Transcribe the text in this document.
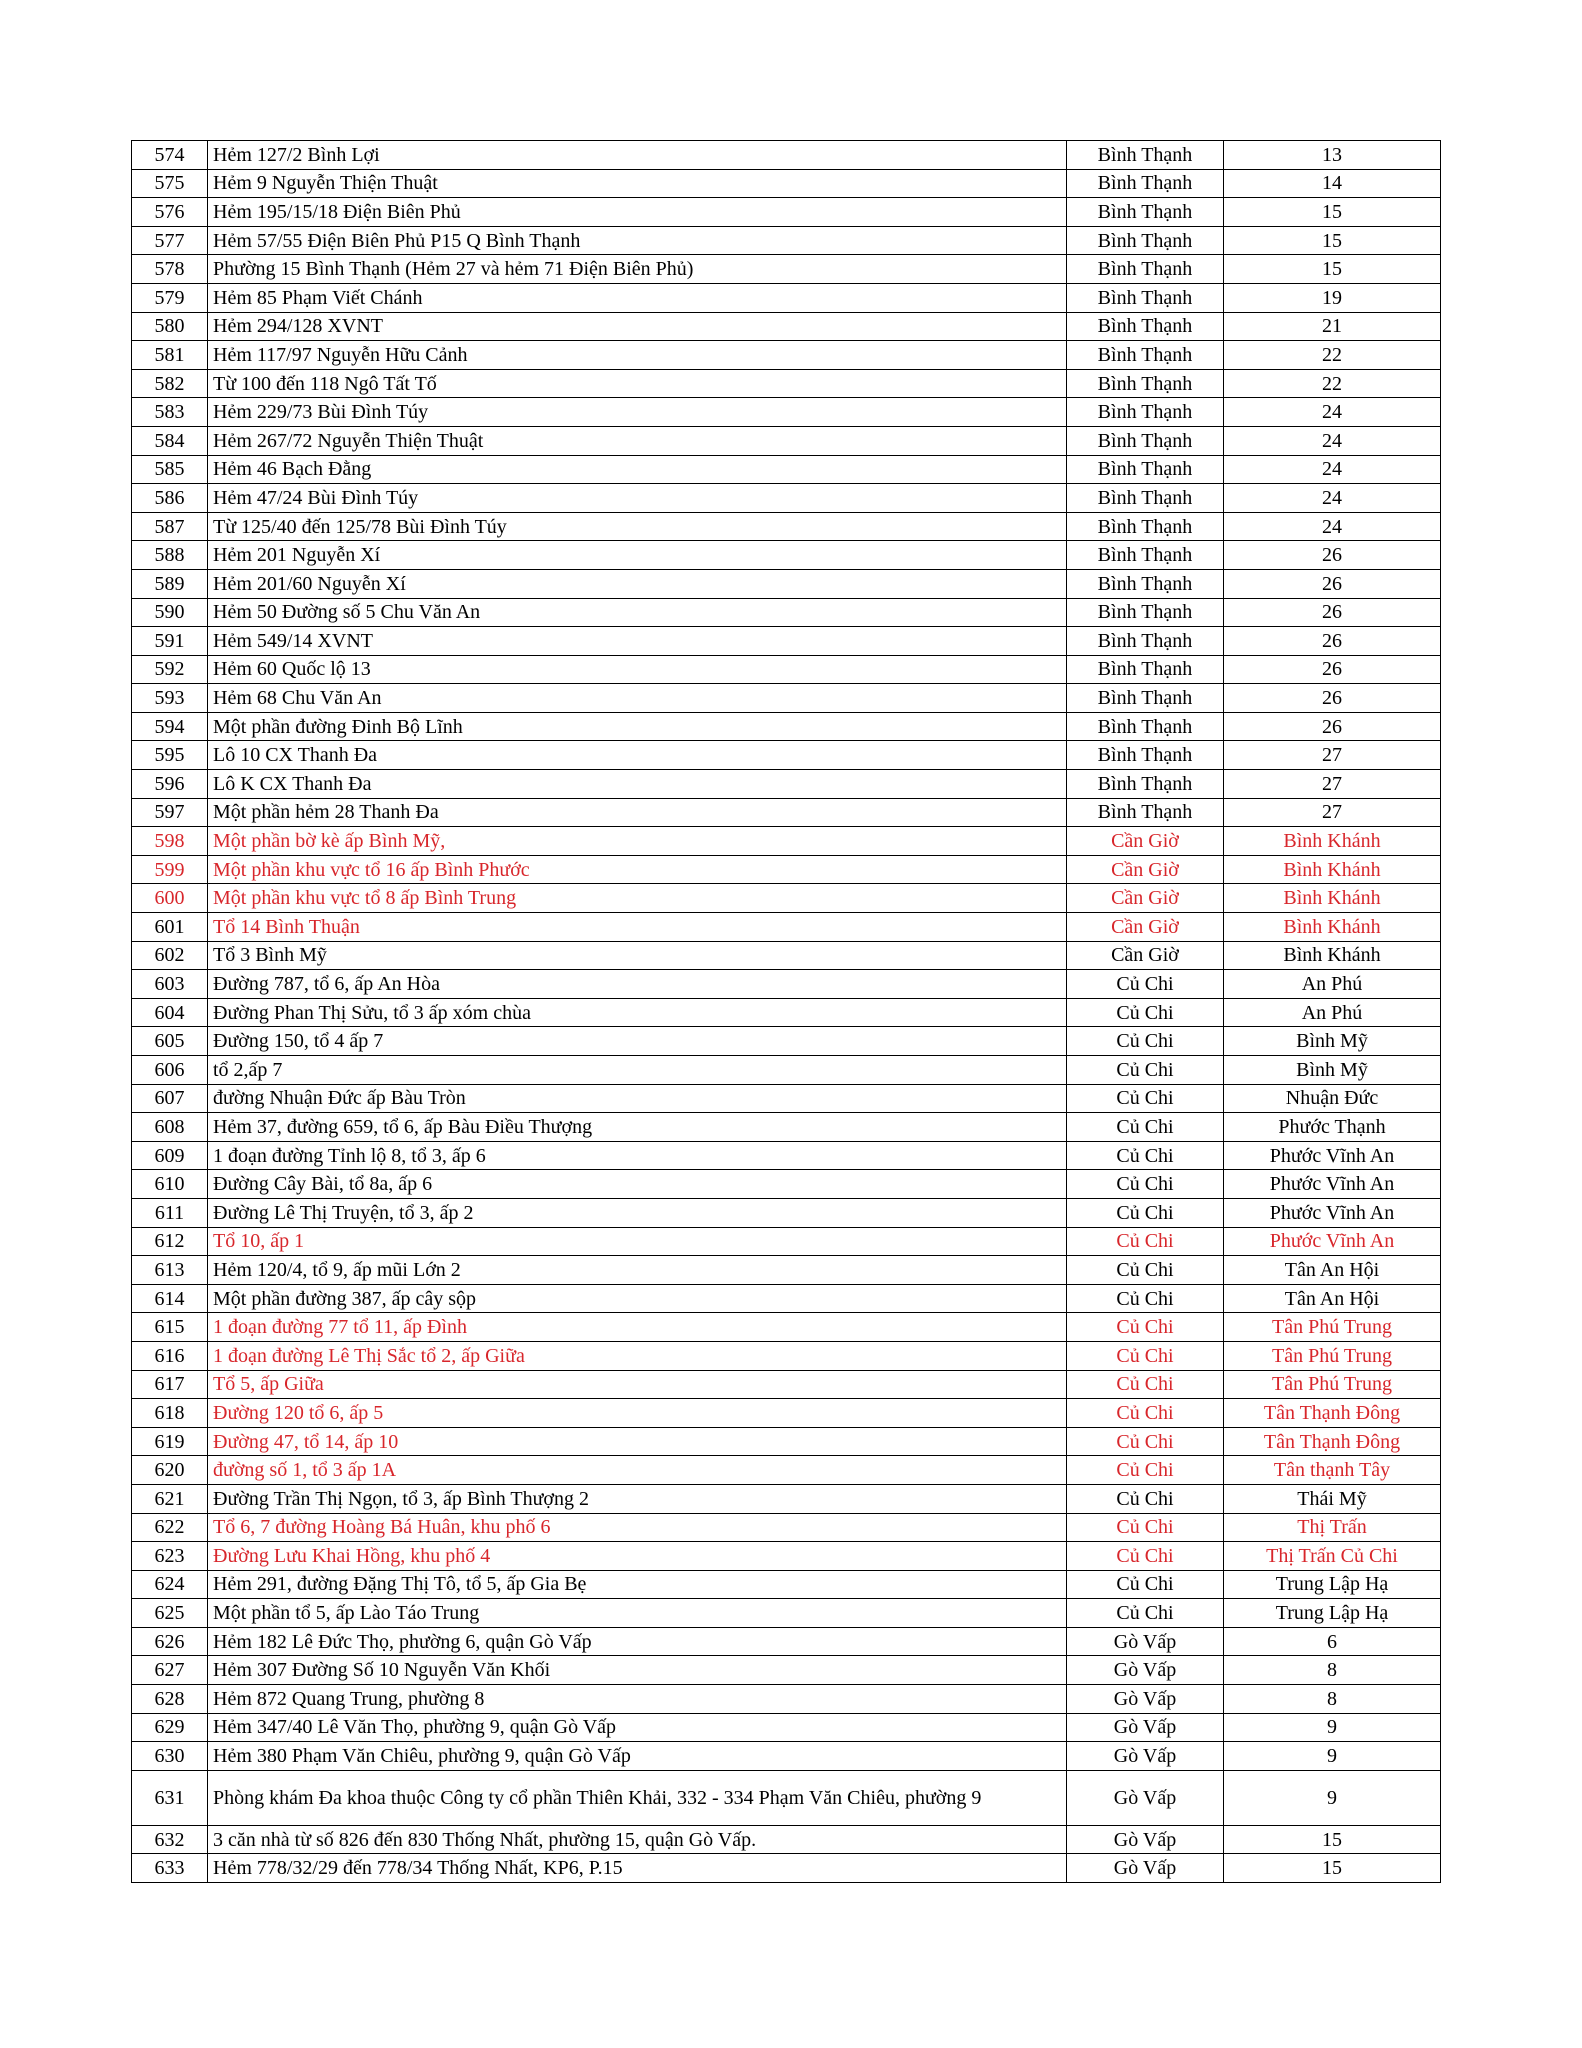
574	Hẻm 127/2 Bình Lợi	Bình Thạnh	13
575	Hẻm 9 Nguyễn Thiện Thuật	Bình Thạnh	14
576	Hẻm 195/15/18 Điện Biên Phủ	Bình Thạnh	15
577	Hẻm 57/55 Điện Biên Phủ P15 Q Bình Thạnh	Bình Thạnh	15
578	Phường 15 Bình Thạnh (Hẻm 27 và hẻm 71 Điện Biên Phủ)	Bình Thạnh	15
579	Hẻm 85 Phạm Viết Chánh	Bình Thạnh	19
580	Hẻm 294/128 XVNT	Bình Thạnh	21
581	Hẻm 117/97 Nguyễn Hữu Cảnh	Bình Thạnh	22
582	Từ 100 đến 118 Ngô Tất Tố	Bình Thạnh	22
583	Hẻm 229/73 Bùi Đình Túy	Bình Thạnh	24
584	Hẻm 267/72 Nguyễn Thiện Thuật	Bình Thạnh	24
585	Hẻm 46 Bạch Đằng	Bình Thạnh	24
586	Hẻm 47/24 Bùi Đình Túy	Bình Thạnh	24
587	Từ 125/40 đến 125/78 Bùi Đình Túy	Bình Thạnh	24
588	Hẻm 201 Nguyễn Xí	Bình Thạnh	26
589	Hẻm 201/60 Nguyễn Xí	Bình Thạnh	26
590	Hẻm 50 Đường số 5 Chu Văn An	Bình Thạnh	26
591	Hẻm 549/14 XVNT	Bình Thạnh	26
592	Hẻm 60 Quốc lộ 13	Bình Thạnh	26
593	Hẻm 68 Chu Văn An	Bình Thạnh	26
594	Một phần đường Đinh Bộ Lĩnh	Bình Thạnh	26
595	Lô 10 CX Thanh Đa	Bình Thạnh	27
596	Lô K CX Thanh Đa	Bình Thạnh	27
597	Một phần hẻm 28 Thanh Đa	Bình Thạnh	27
598	Một phần bờ kè ấp Bình Mỹ,	Cần Giờ	Bình Khánh
599	Một phần khu vực tổ 16 ấp Bình Phước	Cần Giờ	Bình Khánh
600	Một phần khu vực tổ 8 ấp Bình Trung	Cần Giờ	Bình Khánh
601	Tổ 14 Bình Thuận	Cần Giờ	Bình Khánh
602	Tổ 3 Bình Mỹ	Cần Giờ	Bình Khánh
603	Đường 787, tổ 6, ấp An Hòa	Củ Chi	An Phú
604	Đường Phan Thị Sửu, tổ 3 ấp xóm chùa	Củ Chi	An Phú
605	Đường 150, tổ 4 ấp 7	Củ Chi	Bình Mỹ
606	tổ 2,ấp 7	Củ Chi	Bình Mỹ
607	đường Nhuận Đức ấp Bàu Tròn	Củ Chi	Nhuận Đức
608	Hẻm 37, đường 659, tổ 6, ấp Bàu Điều Thượng	Củ Chi	Phước Thạnh
609	1 đoạn đường Tỉnh lộ 8, tổ 3, ấp 6	Củ Chi	Phước Vĩnh An
610	Đường Cây Bài, tổ 8a, ấp 6	Củ Chi	Phước Vĩnh An
611	Đường Lê Thị Truyện, tổ 3, ấp 2	Củ Chi	Phước Vĩnh An
612	Tổ 10, ấp 1	Củ Chi	Phước Vĩnh An
613	Hẻm 120/4, tổ 9, ấp mũi Lớn 2	Củ Chi	Tân An Hội
614	Một phần đường 387, ấp cây sộp	Củ Chi	Tân An Hội
615	1 đoạn đường 77 tổ 11, ấp Đình	Củ Chi	Tân Phú Trung
616	1 đoạn đường Lê Thị Sắc tổ 2, ấp Giữa	Củ Chi	Tân Phú Trung
617	Tổ 5, ấp Giữa	Củ Chi	Tân Phú Trung
618	Đường 120 tổ 6, ấp 5	Củ Chi	Tân Thạnh Đông
619	Đường 47, tổ 14, ấp 10	Củ Chi	Tân Thạnh Đông
620	đường số 1, tổ 3 ấp 1A	Củ Chi	Tân thạnh Tây
621	Đường Trần Thị Ngọn, tổ 3, ấp Bình Thượng 2	Củ Chi	Thái Mỹ
622	Tổ 6, 7 đường Hoàng Bá Huân, khu phố 6	Củ Chi	Thị Trấn
623	Đường Lưu Khai Hồng, khu phố 4	Củ Chi	Thị Trấn Củ Chi
624	Hẻm 291, đường Đặng Thị Tô, tổ 5, ấp Gia Bẹ	Củ Chi	Trung Lập Hạ
625	Một phần tổ 5, ấp Lào Táo Trung	Củ Chi	Trung Lập Hạ
626	Hẻm 182 Lê Đức Thọ, phường 6, quận Gò Vấp	Gò Vấp	6
627	Hẻm 307 Đường Số 10 Nguyễn Văn Khối	Gò Vấp	8
628	Hẻm 872 Quang Trung, phường 8	Gò Vấp	8
629	Hẻm 347/40 Lê Văn Thọ, phường 9, quận Gò Vấp	Gò Vấp	9
630	Hẻm 380 Phạm Văn Chiêu, phường 9, quận Gò Vấp	Gò Vấp	9
631	Phòng khám Đa khoa thuộc Công ty cổ phần Thiên Khải, 332 - 334 Phạm Văn Chiêu, phường 9	Gò Vấp	9
632	3 căn nhà từ số 826 đến 830 Thống Nhất, phường 15, quận Gò Vấp.	Gò Vấp	15
633	Hẻm 778/32/29 đến 778/34 Thống Nhất, KP6, P.15	Gò Vấp	15
